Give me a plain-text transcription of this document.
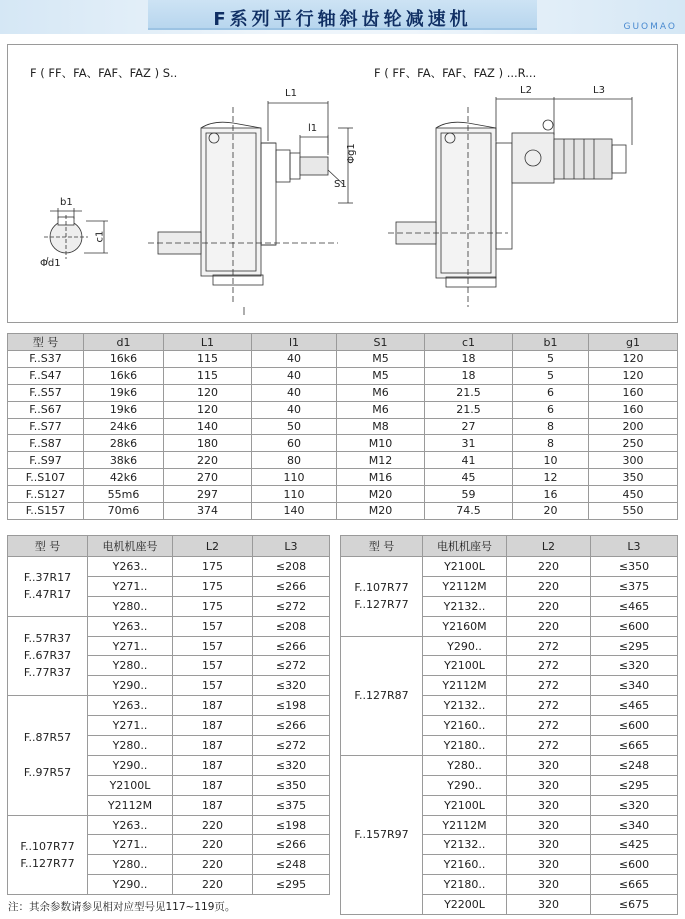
F系列平行轴斜齿轮减速机	GUOMAO
F ( FF、FA、FAF、FAZ ) S..	F ( FF、FA、FAF、FAZ ) ...R...
L1
l1
Φg1
S1
b1
c1
Φd1
L2	L3
型 号	d1	L1	l1	S1	c1	b1	g1
F..S37	16k6	115	40	M5	18	5	120
F..S47	16k6	115	40	M5	18	5	120
F..S57	19k6	120	40	M6	21.5	6	160
F..S67	19k6	120	40	M6	21.5	6	160
F..S77	24k6	140	50	M8	27	8	200
F..S87	28k6	180	60	M10	31	8	250
F..S97	38k6	220	80	M12	41	10	300
F..S107	42k6	270	110	M16	45	12	350
F..S127	55m6	297	110	M20	59	16	450
F..S157	70m6	374	140	M20	74.5	20	550
型 号	电机机座号	L2	L3

F..37R17
F..47R17	Y263..	175	≤208
	Y271..	175	≤266
	Y280..	175	≤272

F..57R37
F..67R37
F..77R37	Y263..	157	≤208
	Y271..	157	≤266
	Y280..	157	≤272
	Y290..	157	≤320

F..87R57
F..97R57	Y263..	187	≤198
	Y271..	187	≤266
	Y280..	187	≤272
	Y290..	187	≤320
	Y2100L	187	≤350
	Y2112M	187	≤375

F..107R77
F..127R77	Y263..	220	≤198
	Y271..	220	≤266
	Y280..	220	≤248
	Y290..	220	≤295
型 号	电机机座号	L2	L3

F..107R77
F..127R77	Y2100L	220	≤350
	Y2112M	220	≤375
	Y2132..	220	≤465
	Y2160M	220	≤600

F..127R87	Y290..	272	≤295
	Y2100L	272	≤320
	Y2112M	272	≤340
	Y2132..	272	≤465
	Y2160..	272	≤600
	Y2180..	272	≤665

F..157R97	Y280..	320	≤248
	Y290..	320	≤295
	Y2100L	320	≤320
	Y2112M	320	≤340
	Y2132..	320	≤425
	Y2160..	320	≤600
	Y2180..	320	≤665
	Y2200L	320	≤675
注：其余参数请参见相对应型号见117~119页。
